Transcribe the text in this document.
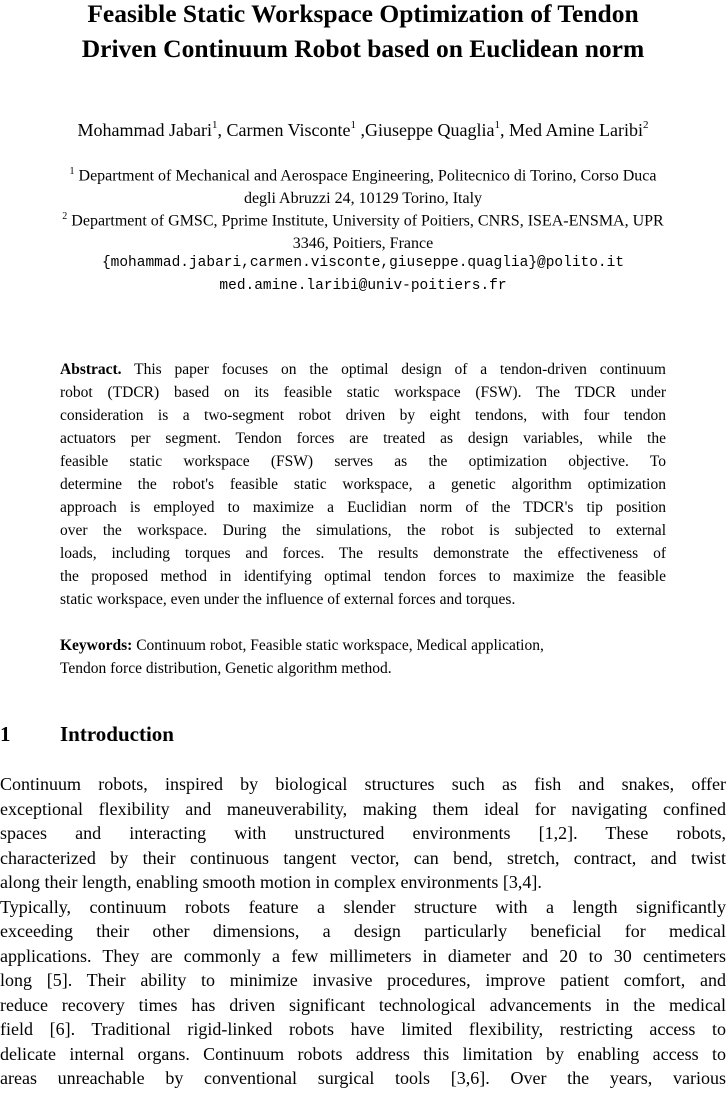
Feasible Static Workspace Optimization of Tendon
Driven Continuum Robot based on Euclidean norm
Mohammad Jabari$^1$, Carmen Visconte$^1$ ,Giuseppe Quaglia$^1$, Med Amine Laribi$^2$
$^1$ Department of Mechanical and Aerospace Engineering, Politecnico di Torino, Corso Duca
degli Abruzzi 24, 10129 Torino, Italy
$^2$ Department of GMSC, Pprime Institute, University of Poitiers, CNRS, ISEA-ENSMA, UPR
3346, Poitiers, France
{mohammad.jabari,carmen.visconte,giuseppe.quaglia}@polito.it
med.amine.laribi@univ-poitiers.fr
Abstract. This paper focuses on the optimal design of a tendon-driven continuum
robot (TDCR) based on its feasible static workspace (FSW). The TDCR under
consideration is a two-segment robot driven by eight tendons, with four tendon
actuators per segment. Tendon forces are treated as design variables, while the
feasible static workspace (FSW) serves as the optimization objective. To
determine the robot's feasible static workspace, a genetic algorithm optimization
approach is employed to maximize a Euclidian norm of the TDCR's tip position
over the workspace. During the simulations, the robot is subjected to external
loads, including torques and forces. The results demonstrate the effectiveness of
the proposed method in identifying optimal tendon forces to maximize the feasible
static workspace, even under the influence of external forces and torques.
Keywords: Continuum robot, Feasible static workspace, Medical application,
Tendon force distribution, Genetic algorithm method.
1 Introduction
Continuum robots, inspired by biological structures such as fish and snakes, offer
exceptional flexibility and maneuverability, making them ideal for navigating confined
spaces and interacting with unstructured environments [1,2]. These robots,
characterized by their continuous tangent vector, can bend, stretch, contract, and twist
along their length, enabling smooth motion in complex environments [3,4].
Typically, continuum robots feature a slender structure with a length significantly
exceeding their other dimensions, a design particularly beneficial for medical
applications. They are commonly a few millimeters in diameter and 20 to 30 centimeters
long [5]. Their ability to minimize invasive procedures, improve patient comfort, and
reduce recovery times has driven significant technological advancements in the medical
field [6]. Traditional rigid-linked robots have limited flexibility, restricting access to
delicate internal organs. Continuum robots address this limitation by enabling access to
areas unreachable by conventional surgical tools [3,6]. Over the years, various
